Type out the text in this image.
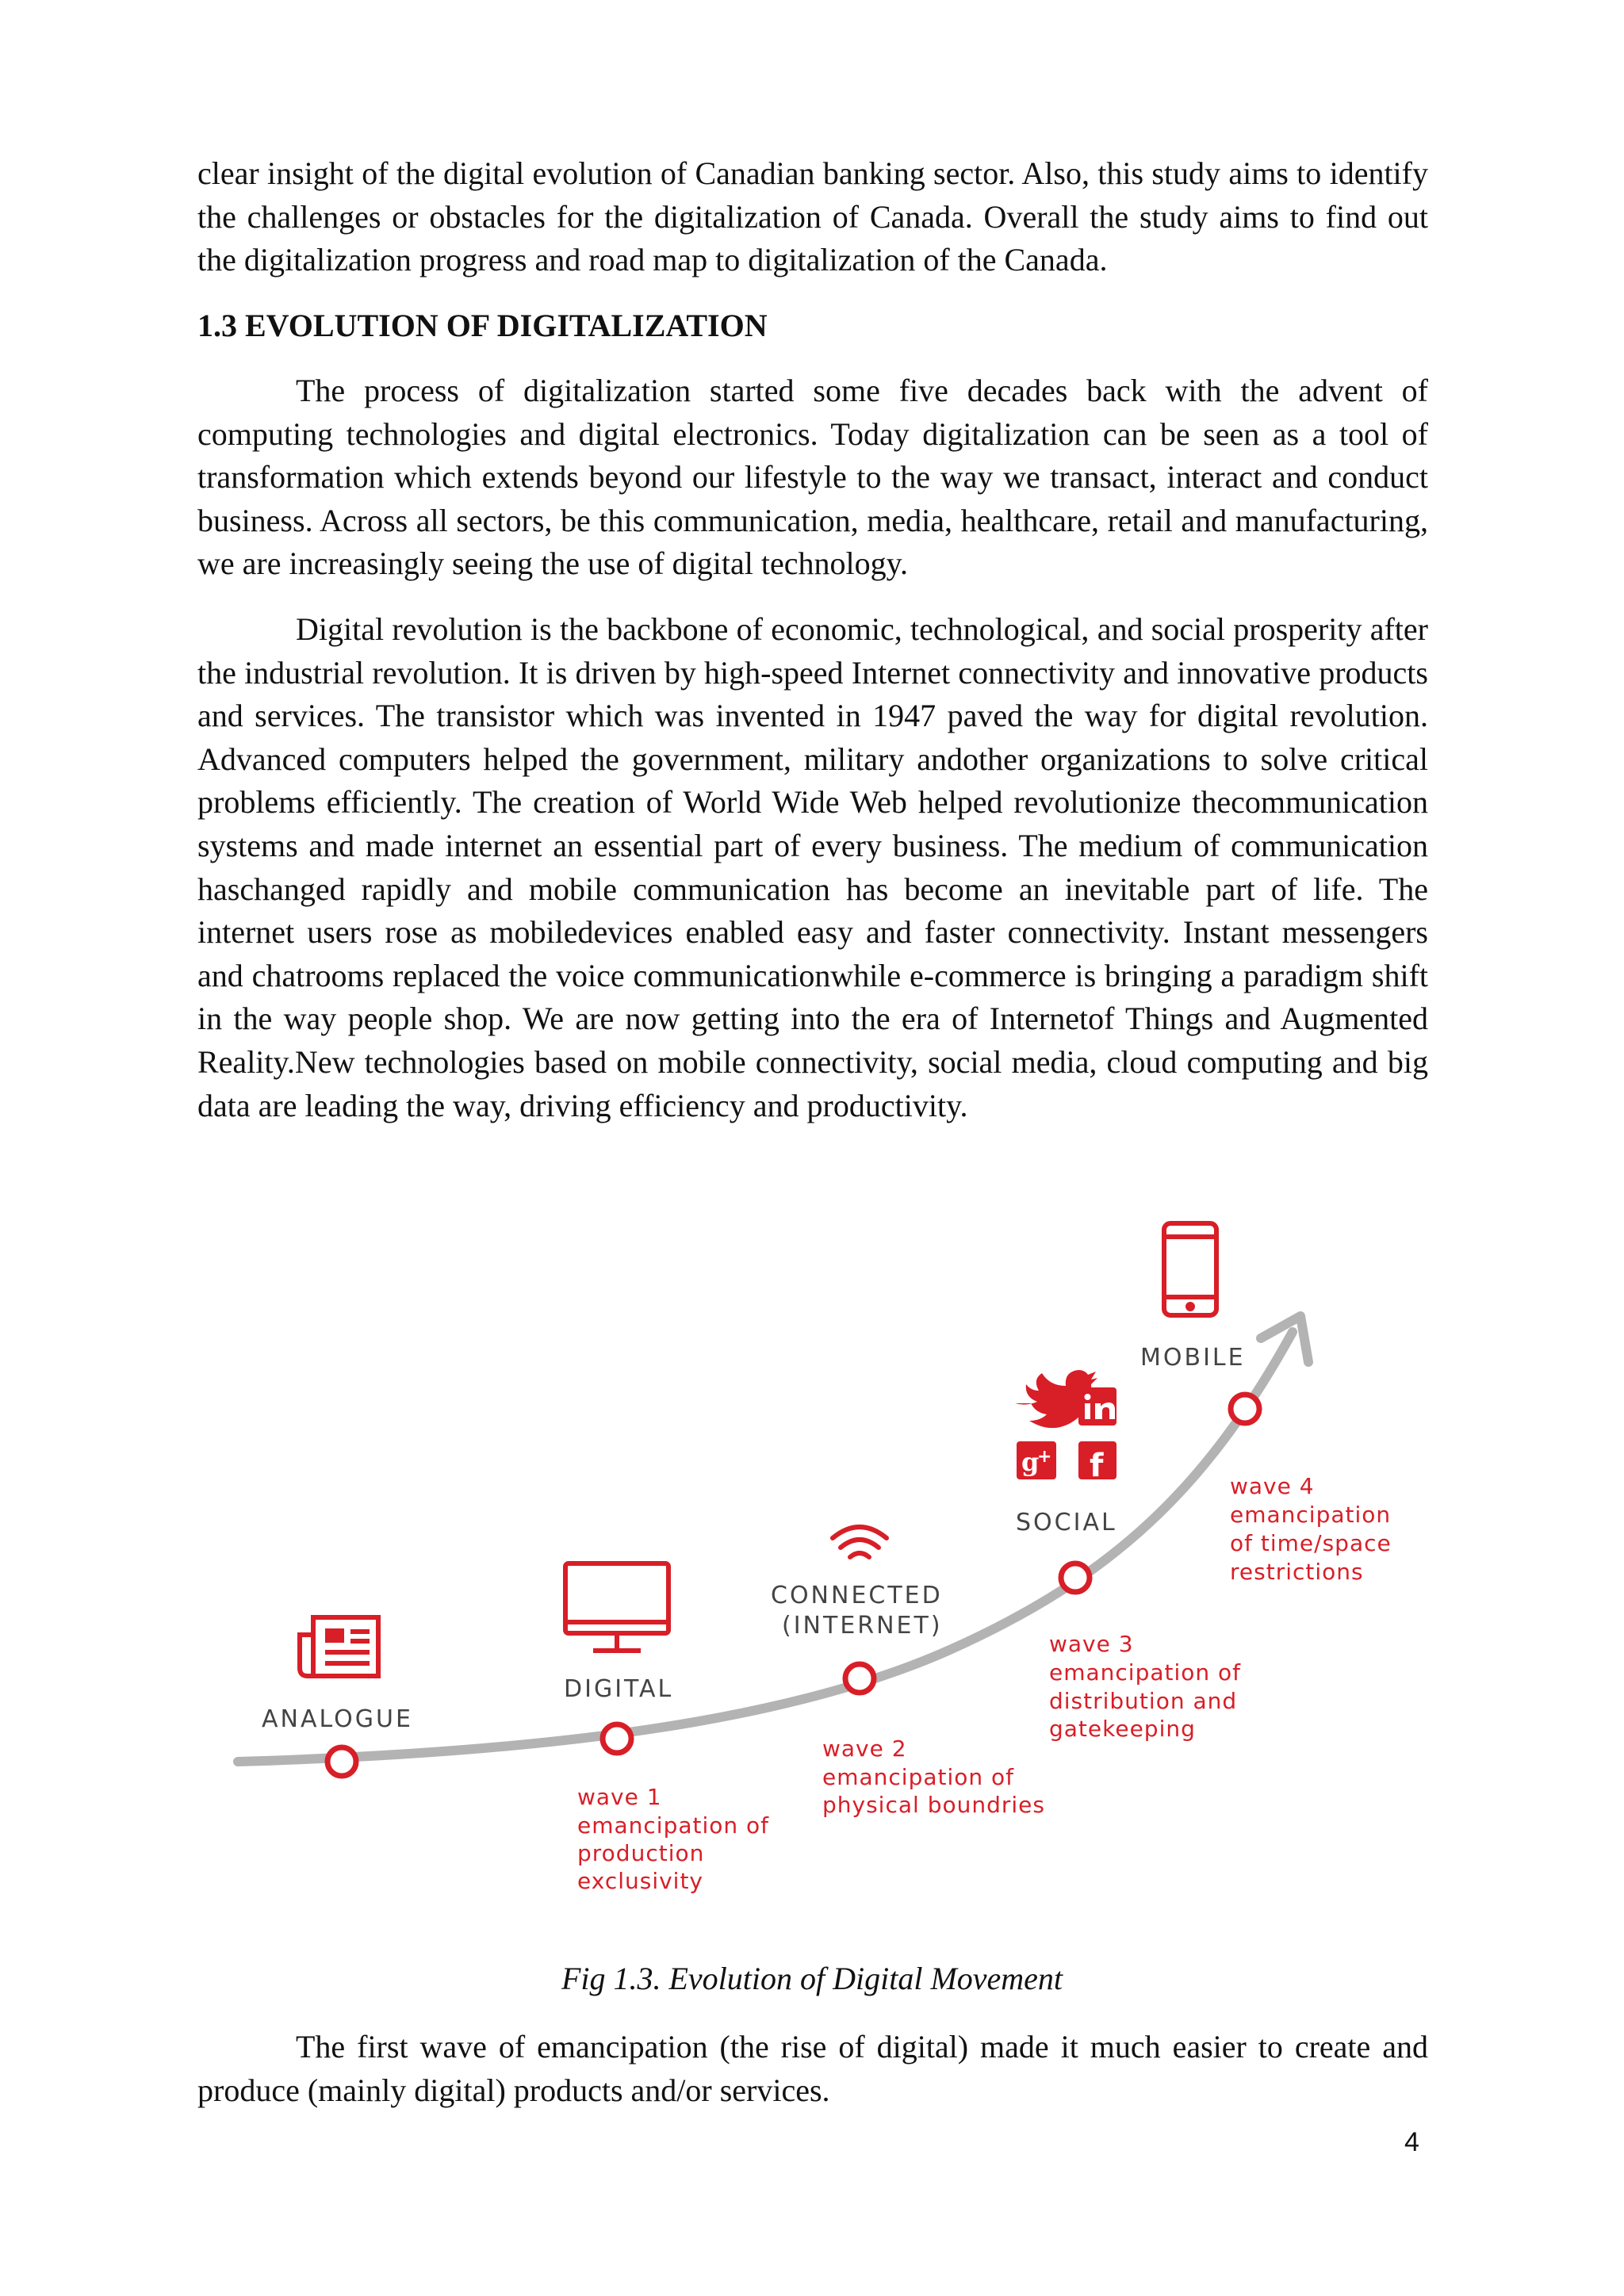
clear insight of the digital evolution of Canadian banking sector. Also, this study aims to identify the challenges or obstacles for the digitalization of Canada. Overall the study aims to find out the digitalization progress and road map to digitalization of the Canada.

1.3 EVOLUTION OF DIGITALIZATION

The process of digitalization started some five decades back with the advent of computing technologies and digital electronics. Today digitalization can be seen as a tool of transformation which extends beyond our lifestyle to the way we transact, interact and conduct business. Across all sectors, be this communication, media, healthcare, retail and manufacturing, we are increasingly seeing the use of digital technology.

Digital revolution is the backbone of economic, technological, and social prosperity after the industrial revolution. It is driven by high-speed Internet connectivity and innovative products and services. The transistor which was invented in 1947 paved the way for digital revolution. Advanced computers helped the government, military andother organizations to solve critical problems efficiently. The creation of World Wide Web helped revolutionize thecommunication systems and made internet an essential part of every business. The medium of communication haschanged rapidly and mobile communication has become an inevitable part of life. The internet users rose as mobiledevices enabled easy and faster connectivity. Instant messengers and chatrooms replaced the voice communicationwhile e-commerce is bringing a paradigm shift in the way people shop. We are now getting into the era of Internetof Things and Augmented Reality.New technologies based on mobile connectivity, social media, cloud computing and big data are leading the way, driving efficiency and productivity.

g
+ f
ANALOGUE
DIGITAL
CONNECTED
(INTERNET)
SOCIAL
MOBILE
wave 1
emancipation of
production
exclusivity
wave 2
emancipation of
physical boundries
wave 3
emancipation of
distribution and
gatekeeping
wave 4
emancipation
of time/space
restrictions

Fig 1.3. Evolution of Digital Movement

The first wave of emancipation (the rise of digital) made it much easier to create and produce (mainly digital) products and/or services.

4
